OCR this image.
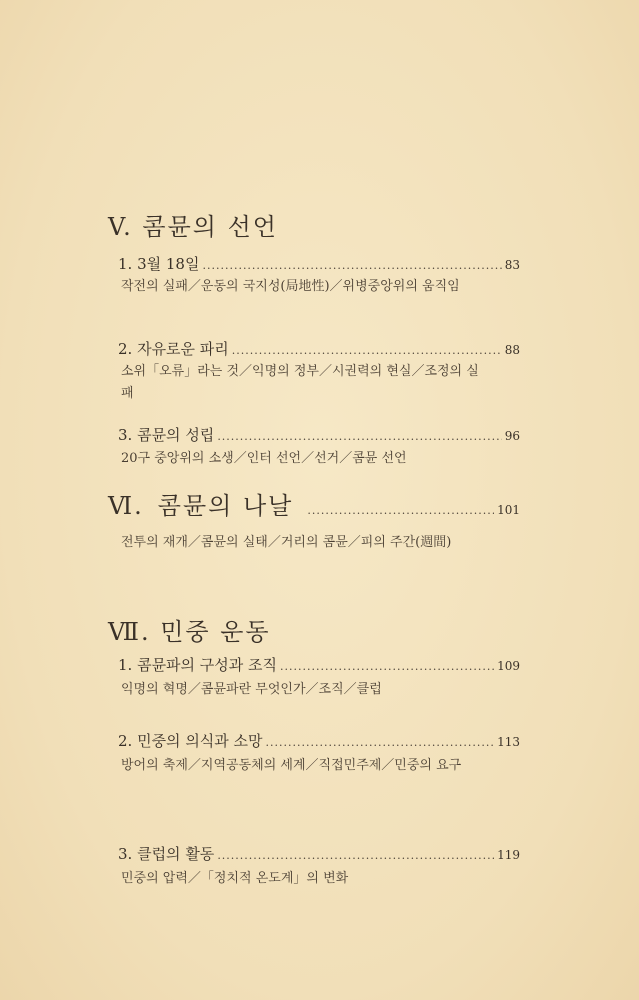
V. 콤뮨의 선언
1. 3월 18일 .....	83
작전의 실패／운동의 국지성(局地性)／위병중앙위의 움직임
2. 자유로운 파리 .....	88
소위「오류」라는 것／익명의 정부／시권력의 현실／조정의 실패
3. 콤뮨의 성립 .....	96
20구 중앙위의 소생／인터 선언／선거／콤뮨 선언
Ⅵ. 콤뮨의 나날 .....	101
전투의 재개／콤뮨의 실태／거리의 콤뮨／피의 주간(週間)
Ⅶ. 민중 운동
1. 콤뮨파의 구성과 조직 .....	109
익명의 혁명／콤뮨파란 무엇인가／조직／클럽
2. 민중의 의식과 소망 .....	113
방어의 축제／지역공동체의 세계／직접민주제／민중의 요구
3. 클럽의 활동 .....	119
민중의 압력／「정치적 온도계」의 변화
